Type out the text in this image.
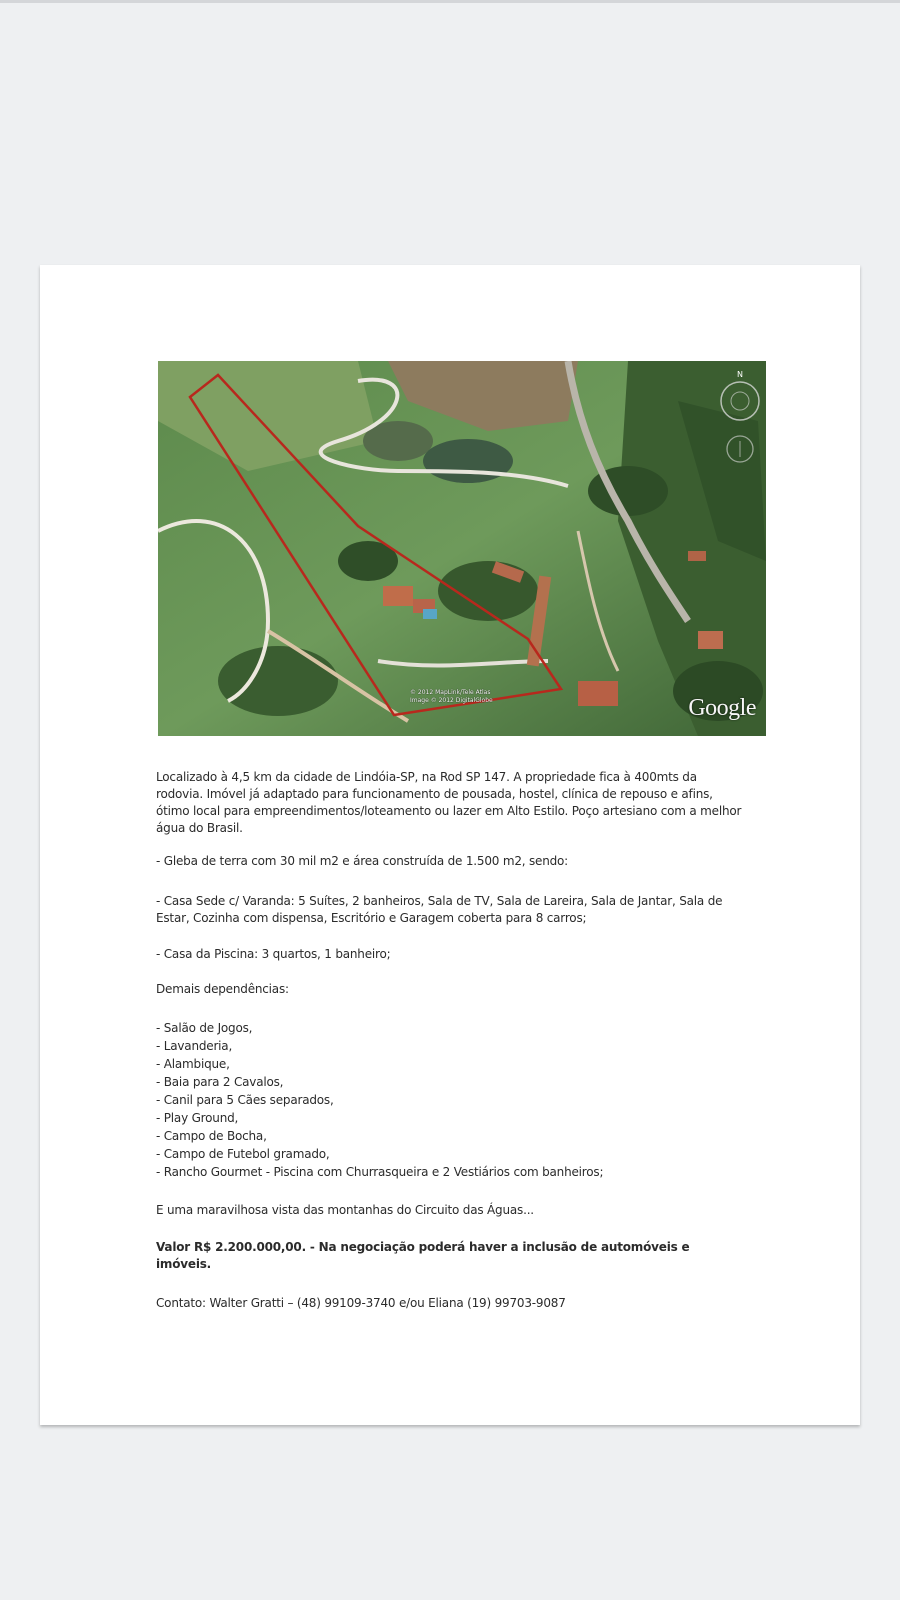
N
© 2012 MapLink/Tele Atlas
Image © 2012 DigitalGlobe	Google

Localizado à 4,5 km da cidade de Lindóia-SP, na Rod SP 147. A propriedade fica à 400mts da rodovia. Imóvel já adaptado para funcionamento de pousada, hostel, clínica de repouso e afins, ótimo local para empreendimentos/loteamento ou lazer em Alto Estilo. Poço artesiano com a melhor água do Brasil.

- Gleba de terra com 30 mil m2 e área construída de 1.500 m2, sendo:

- Casa Sede c/ Varanda: 5 Suítes, 2 banheiros, Sala de TV, Sala de Lareira, Sala de Jantar, Sala de Estar, Cozinha com dispensa, Escritório e Garagem coberta para 8 carros;

- Casa da Piscina: 3 quartos, 1 banheiro;

Demais dependências:

- Salão de Jogos,
- Lavanderia,
- Alambique,
- Baia para 2 Cavalos,
- Canil para 5 Cães separados,
- Play Ground,
- Campo de Bocha,
- Campo de Futebol gramado,
- Rancho Gourmet - Piscina com Churrasqueira e 2 Vestiários com banheiros;

E uma maravilhosa vista das montanhas do Circuito das Águas...

Valor R$ 2.200.000,00. - Na negociação poderá haver a inclusão de automóveis e imóveis.

Contato: Walter Gratti – (48) 99109-3740 e/ou Eliana (19) 99703-9087
